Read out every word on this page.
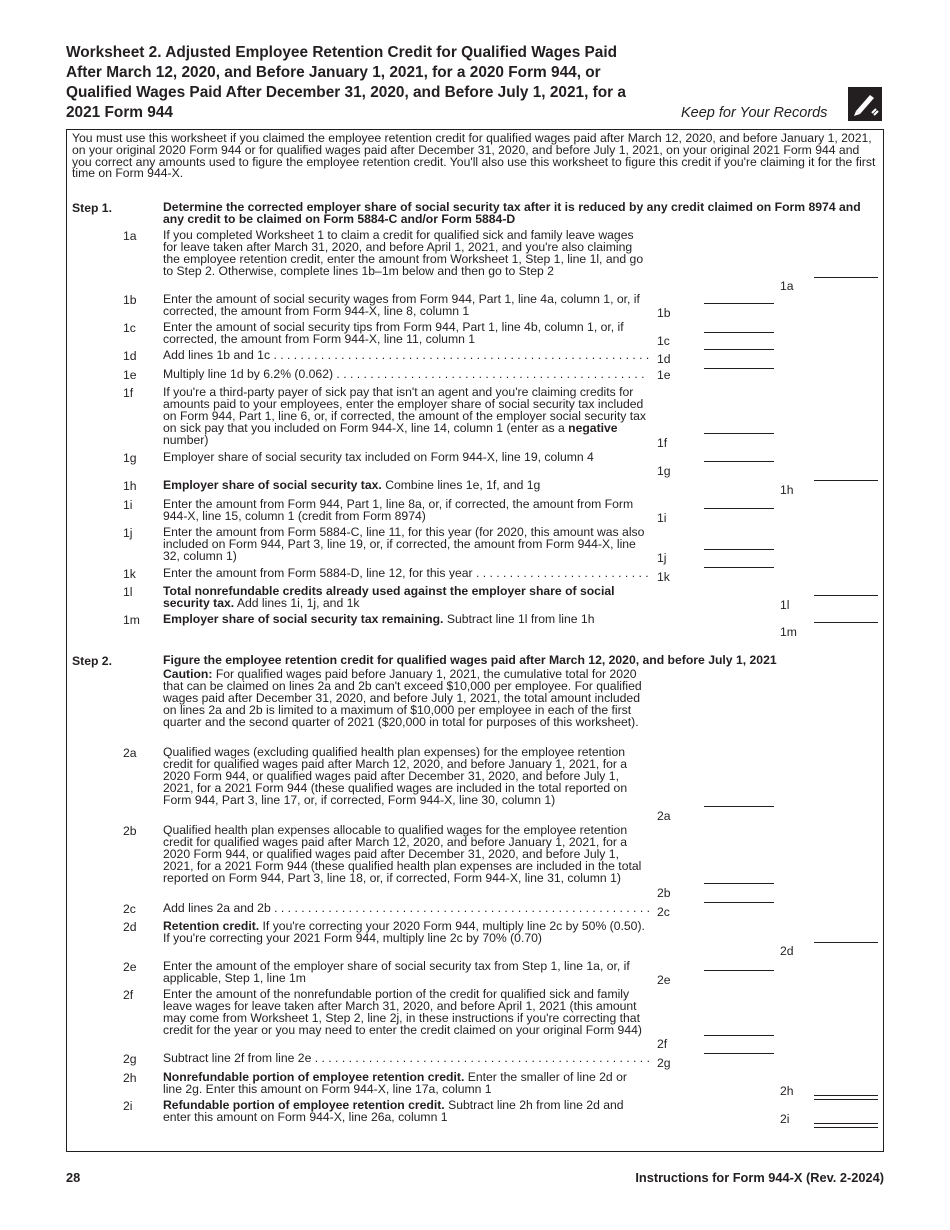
Worksheet 2. Adjusted Employee Retention Credit for Qualified Wages Paid After March 12, 2020, and Before January 1, 2021, for a 2020 Form 944, or Qualified Wages Paid After December 31, 2020, and Before July 1, 2021, for a 2021 Form 944	Keep for Your Records
You must use this worksheet if you claimed the employee retention credit for qualified wages paid after March 12, 2020, and before January 1, 2021, on your original 2020 Form 944 or for qualified wages paid after December 31, 2020, and before July 1, 2021, on your original 2021 Form 944 and you correct any amounts used to figure the employee retention credit. You'll also use this worksheet to figure this credit if you're claiming it for the first time on Form 944-X.
Step 1.	Determine the corrected employer share of social security tax after it is reduced by any credit claimed on Form 8974 and any credit to be claimed on Form 5884-C and/or Form 5884-D
1a If you completed Worksheet 1 to claim a credit for qualified sick and family leave wages for leave taken after March 31, 2020, and before April 1, 2021, and you're also claiming the employee retention credit, enter the amount from Worksheet 1, Step 1, line 1l, and go to Step 2. Otherwise, complete lines 1b–1m below and then go to Step 2
1a
1b Enter the amount of social security wages from Form 944, Part 1, line 4a, column 1, or, if corrected, the amount from Form 944-X, line 8, column 1	1b
1c Enter the amount of social security tips from Form 944, Part 1, line 4b, column 1, or, if corrected, the amount from Form 944-X, line 11, column 1	1c
1d Add lines 1b and 1c . . .	1d
1e Multiply line 1d by 6.2% (0.062) . . .	1e
1f If you're a third-party payer of sick pay that isn't an agent and you're claiming credits for amounts paid to your employees, enter the employer share of social security tax included on Form 944, Part 1, line 6, or, if corrected, the amount of the employer social security tax on sick pay that you included on Form 944-X, line 14, column 1 (enter as a negative number)	1f
1g Employer share of social security tax included on Form 944-X, line 19, column 4
1g
1h Employer share of social security tax. Combine lines 1e, 1f, and 1g	1h
1i	Enter the amount from Form 944, Part 1, line 8a, or, if corrected, the amount from Form 944-X, line 15, column 1 (credit from Form 8974)	1i
1j	Enter the amount from Form 5884-C, line 11, for this year (for 2020, this amount was also included on Form 944, Part 3, line 19, or, if corrected, the amount from Form 944-X, line 32, column 1)	1j
1k Enter the amount from Form 5884-D, line 12, for this year . . .	1k
1l	Total nonrefundable credits already used against the employer share of social security tax. Add lines 1i, 1j, and 1k	1l
1m Employer share of social security tax remaining. Subtract line 1l from line 1h
1m
Step 2.	Figure the employee retention credit for qualified wages paid after March 12, 2020, and before July 1, 2021
Caution: For qualified wages paid before January 1, 2021, the cumulative total for 2020 that can be claimed on lines 2a and 2b can't exceed $10,000 per employee. For qualified wages paid after December 31, 2020, and before July 1, 2021, the total amount included on lines 2a and 2b is limited to a maximum of $10,000 per employee in each of the first quarter and the second quarter of 2021 ($20,000 in total for purposes of this worksheet).
2a Qualified wages (excluding qualified health plan expenses) for the employee retention credit for qualified wages paid after March 12, 2020, and before January 1, 2021, for a 2020 Form 944, or qualified wages paid after December 31, 2020, and before July 1, 2021, for a 2021 Form 944 (these qualified wages are included in the total reported on Form 944, Part 3, line 17, or, if corrected, Form 944-X, line 30, column 1)
2a
2b Qualified health plan expenses allocable to qualified wages for the employee retention credit for qualified wages paid after March 12, 2020, and before January 1, 2021, for a 2020 Form 944, or qualified wages paid after December 31, 2020, and before July 1, 2021, for a 2021 Form 944 (these qualified health plan expenses are included in the total reported on Form 944, Part 3, line 18, or, if corrected, Form 944-X, line 31, column 1)
2b
2c Add lines 2a and 2b . . .	2c
2d Retention credit. If you're correcting your 2020 Form 944, multiply line 2c by 50% (0.50). If you're correcting your 2021 Form 944, multiply line 2c by 70% (0.70)
2d
2e Enter the amount of the employer share of social security tax from Step 1, line 1a, or, if applicable, Step 1, line 1m	2e
2f Enter the amount of the nonrefundable portion of the credit for qualified sick and family leave wages for leave taken after March 31, 2020, and before April 1, 2021 (this amount may come from Worksheet 1, Step 2, line 2j, in these instructions if you're correcting that credit for the year or you may need to enter the credit claimed on your original Form 944)
2f
2g Subtract line 2f from line 2e . . .	2g
2h Nonrefundable portion of employee retention credit. Enter the smaller of line 2d or line 2g. Enter this amount on Form 944-X, line 17a, column 1	2h
2i	Refundable portion of employee retention credit. Subtract line 2h from line 2d and enter this amount on Form 944-X, line 26a, column 1	2i
28	Instructions for Form 944-X (Rev. 2-2024)
